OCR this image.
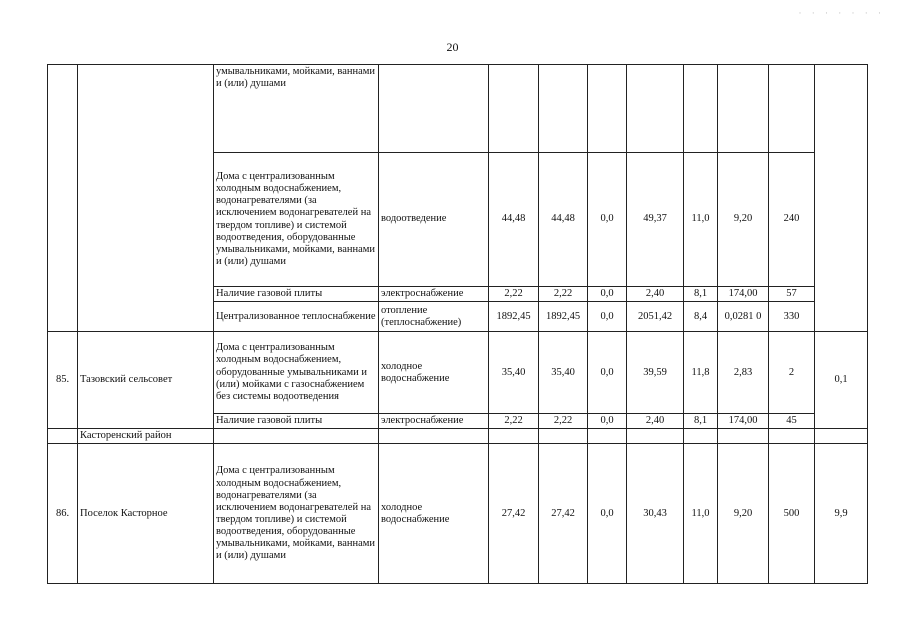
· · · · · · ·
20
		умывальниками, мойками, ваннами и (или) душами									
		Дома с централизованным холодным водоснабжением, водонагревателями (за исключением водонагревателей на твердом топливе) и системой водоотведения, оборудованные умывальниками, мойками, ваннами и (или) душами	водоотведение	44,48	44,48	0,0	49,37	11,0	9,20	240	
		Наличие газовой плиты	электроснабжение	2,22	2,22	0,0	2,40	8,1	174,00	57	
		Централизованное теплоснабжение	отопление (теплоснабжение)	1892,45	1892,45	0,0	2051,42	8,4	0,0281 0	330	
85.	Тазовский сельсовет	Дома с централизованным холодным водоснабжением, оборудованные умывальниками и (или) мойками с газоснабжением без системы водоотведения	холодное водоснабжение	35,40	35,40	0,0	39,59	11,8	2,83	2	0,1
		Наличие газовой плиты	электроснабжение	2,22	2,22	0,0	2,40	8,1	174,00	45	
	Касторенский район										
86.	Поселок Касторное	Дома с централизованным холодным водоснабжением, водонагревателями (за исключением водонагревателей на твердом топливе) и системой водоотведения, оборудованные умывальниками, мойками, ваннами и (или) душами	холодное водоснабжение	27,42	27,42	0,0	30,43	11,0	9,20	500	9,9
